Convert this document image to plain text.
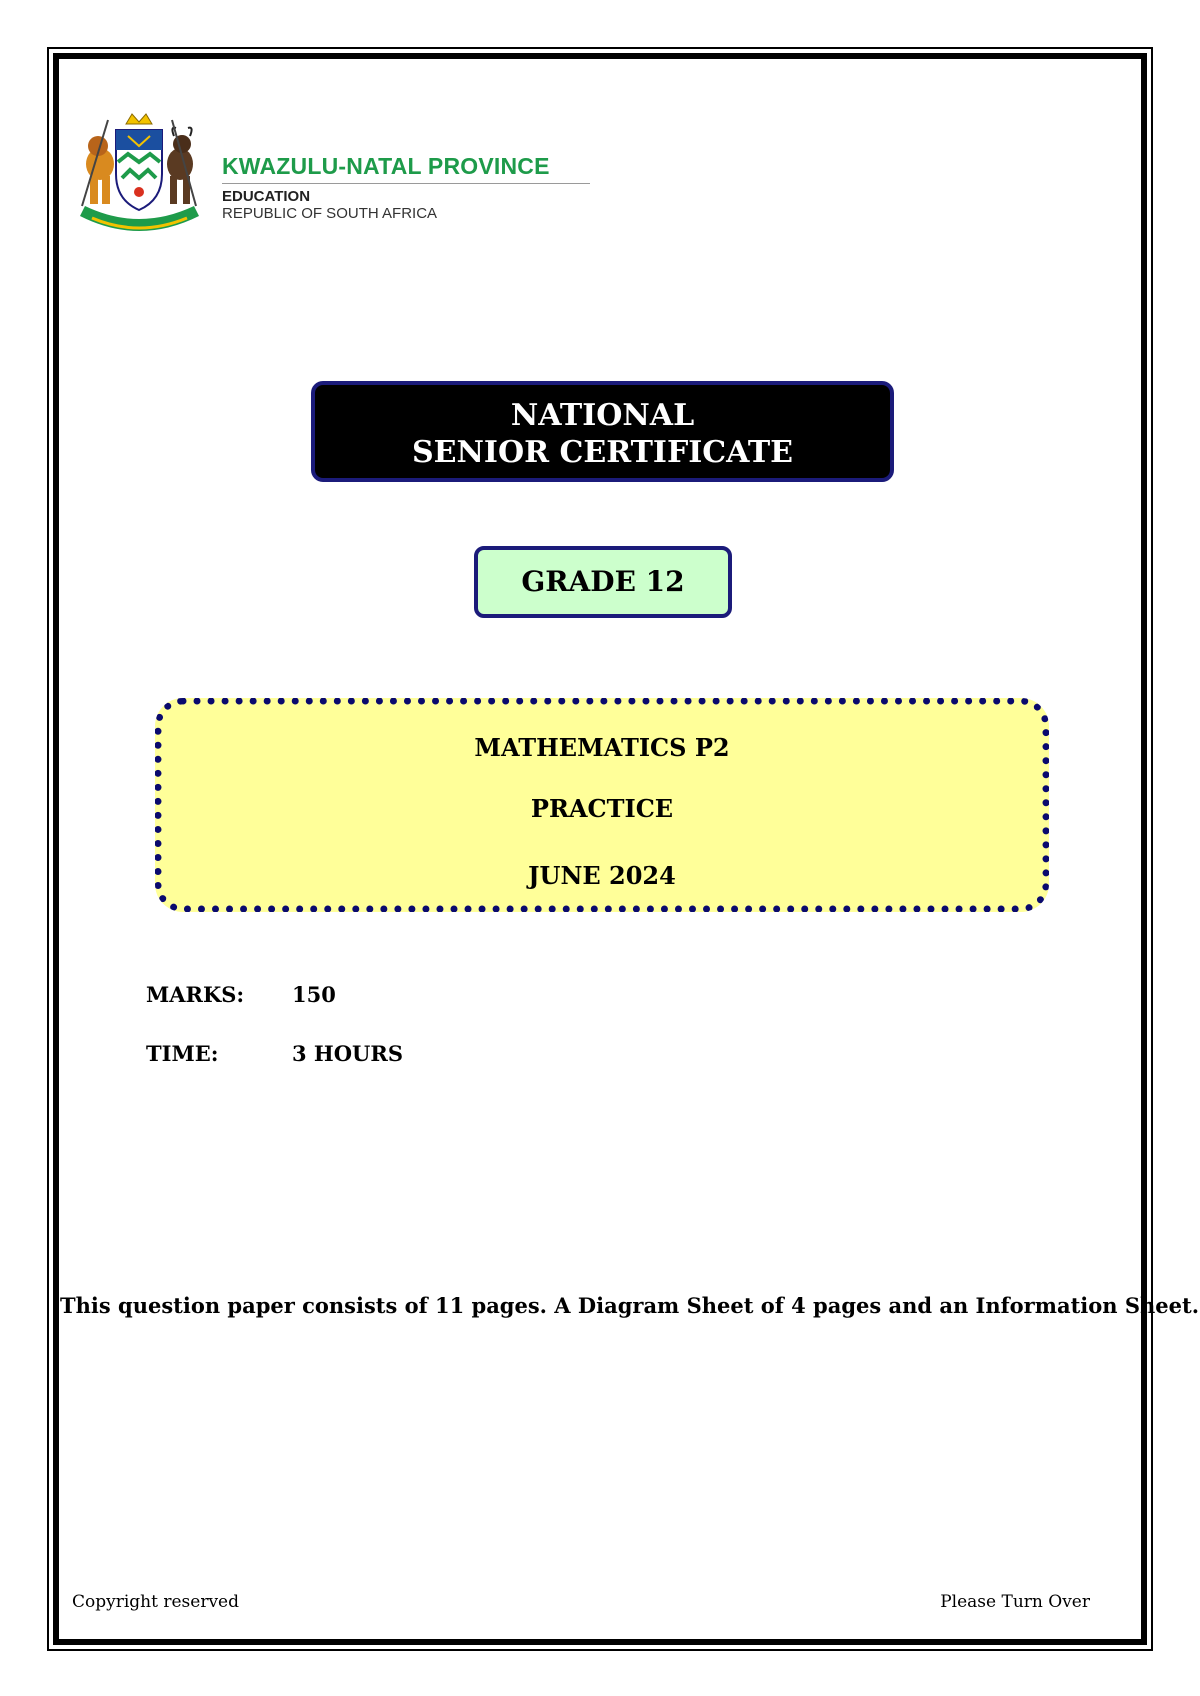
KWAZULU-NATAL PROVINCE
EDUCATION
REPUBLIC OF SOUTH AFRICA
NATIONAL
SENIOR CERTIFICATE
GRADE 12
MATHEMATICS P2
PRACTICE
JUNE 2024
MARKS: 150
TIME:	3 HOURS
This question paper consists of 11 pages. A Diagram Sheet of 4 pages and an Information Sheet.
Copyright reserved	Please Turn Over
